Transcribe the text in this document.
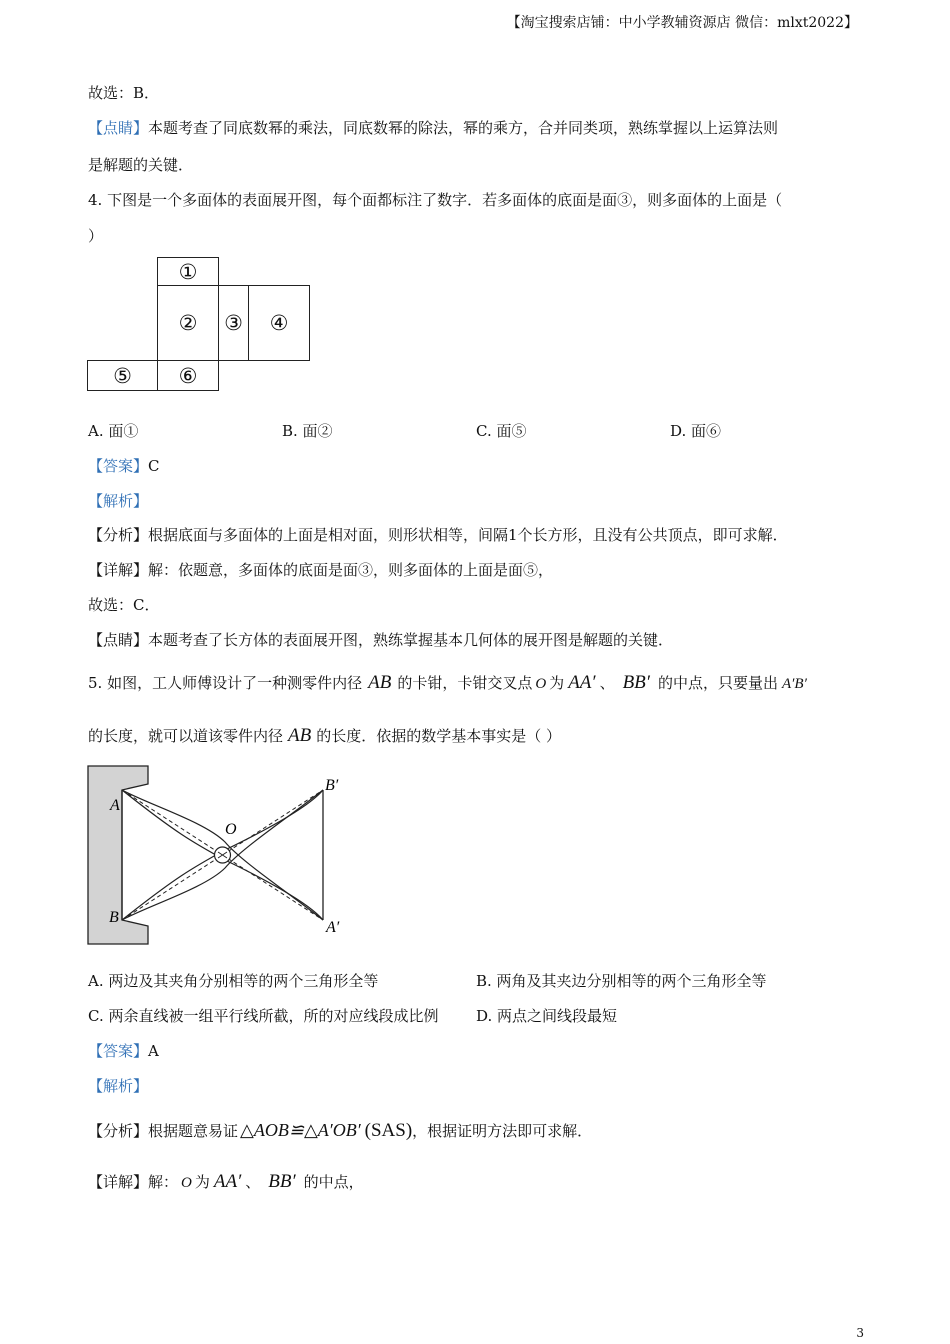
【淘宝搜索店铺：中小学教辅资源店 微信：mlxt2022】
故选：B．
【点睛】本题考查了同底数幂的乘法，同底数幂的除法，幂的乘方，合并同类项，熟练掌握以上运算法则
是解题的关键．
4. 下图是一个多面体的表面展开图，每个面都标注了数字．若多面体的底面是面③，则多面体的上面是（
）
①
②	③	④
⑤	⑥
A. 面①	B. 面②	C. 面⑤	D. 面⑥
【答案】C
【解析】
【分析】根据底面与多面体的上面是相对面，则形状相等，间隔1个长方形，且没有公共顶点，即可求解．
【详解】解：依题意，多面体的底面是面③，则多面体的上面是面⑤，
故选：C．
【点睛】本题考查了长方体的表面展开图，熟练掌握基本几何体的展开图是解题的关键．
5. 如图，工人师傅设计了一种测零件内径 AB 的卡钳，卡钳交叉点 O 为 AA′ 、 BB′ 的中点，只要量出 A′B′
的长度，就可以道该零件内径 AB 的长度．依据的数学基本事实是（ ）
A
B
O
B′
A′
A. 两边及其夹角分别相等的两个三角形全等	B. 两角及其夹边分别相等的两个三角形全等
C. 两余直线被一组平行线所截，所的对应线段成比例	D. 两点之间线段最短
【答案】A
【解析】
【分析】根据题意易证 △AOB≌△A′OB′ (SAS)，根据证明方法即可求解．
【详解】解： O 为 AA′ 、 BB′ 的中点，
3
